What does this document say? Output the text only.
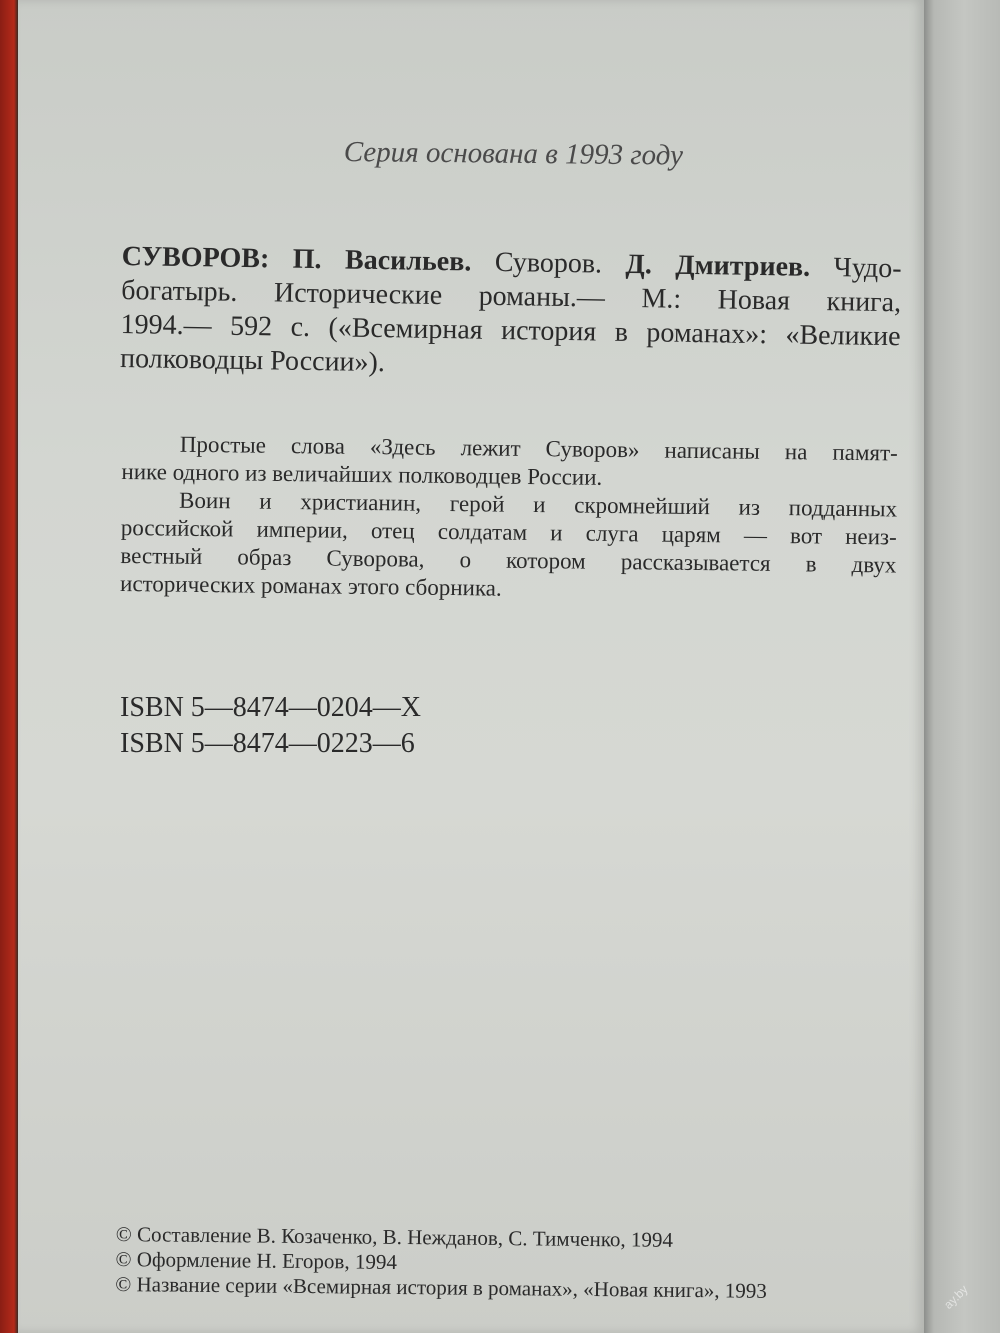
Серия основана в 1993 году
СУВОРОВ: П. Васильев. Суворов. Д. Дмитриев. Чудо-
богатырь. Исторические романы.— М.: Новая книга,
1994.— 592 с. («Всемирная история в романах»: «Великие
полководцы России»).
Простые слова «Здесь лежит Суворов» написаны на памят-
нике одного из величайших полководцев России.
Воин и христианин, герой и скромнейший из подданных
российской империи, отец солдатам и слуга царям — вот неиз-
вестный образ Суворова, о котором рассказывается в двух
исторических романах этого сборника.
ISBN 5—8474—0204—X
ISBN 5—8474—0223—6
© Составление В. Козаченко, В. Нежданов, С. Тимченко, 1994
© Оформление Н. Егоров, 1994
© Название серии «Всемирная история в романах», «Новая книга», 1993	ay.by
